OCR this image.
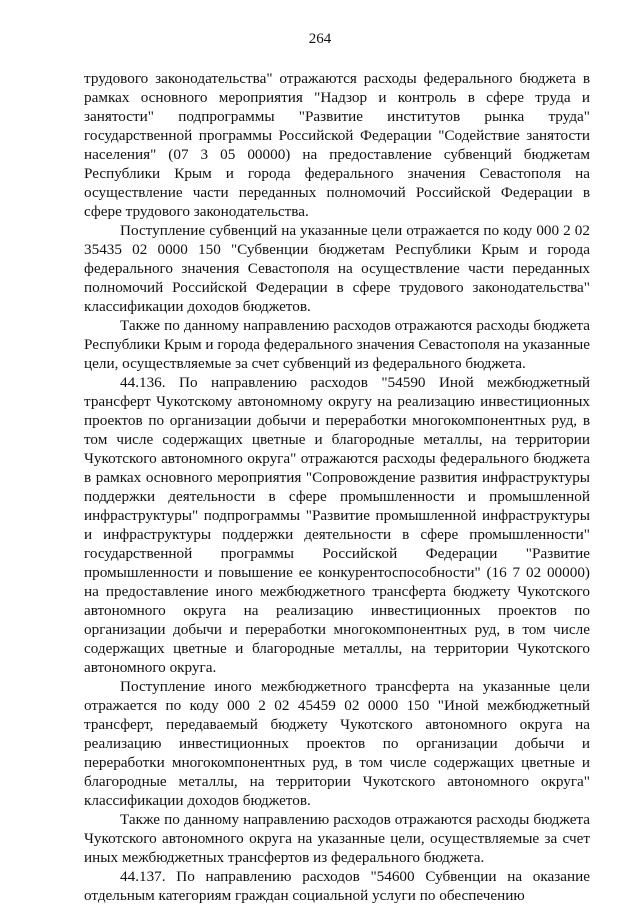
264

трудового законодательства" отражаются расходы федерального бюджета в рамках основного мероприятия "Надзор и контроль в сфере труда и занятости" подпрограммы "Развитие институтов рынка труда" государственной программы Российской Федерации "Содействие занятости населения" (07 3 05 00000) на предоставление субвенций бюджетам Республики Крым и города федерального значения Севастополя на осуществление части переданных полномочий Российской Федерации в сфере трудового законодательства.

Поступление субвенций на указанные цели отражается по коду 000 2 02 35435 02 0000 150 "Субвенции бюджетам Республики Крым и города федерального значения Севастополя на осуществление части переданных полномочий Российской Федерации в сфере трудового законодательства" классификации доходов бюджетов.

Также по данному направлению расходов отражаются расходы бюджета Республики Крым и города федерального значения Севастополя на указанные цели, осуществляемые за счет субвенций из федерального бюджета.

44.136. По направлению расходов "54590 Иной межбюджетный трансферт Чукотскому автономному округу на реализацию инвестиционных проектов по организации добычи и переработки многокомпонентных руд, в том числе содержащих цветные и благородные металлы, на территории Чукотского автономного округа" отражаются расходы федерального бюджета в рамках основного мероприятия "Сопровождение развития инфраструктуры поддержки деятельности в сфере промышленности и промышленной инфраструктуры" подпрограммы "Развитие промышленной инфраструктуры и инфраструктуры поддержки деятельности в сфере промышленности" государственной программы Российской Федерации "Развитие промышленности и повышение ее конкурентоспособности" (16 7 02 00000) на предоставление иного межбюджетного трансферта бюджету Чукотского автономного округа на реализацию инвестиционных проектов по организации добычи и переработки многокомпонентных руд, в том числе содержащих цветные и благородные металлы, на территории Чукотского автономного округа.

Поступление иного межбюджетного трансферта на указанные цели отражается по коду 000 2 02 45459 02 0000 150 "Иной межбюджетный трансферт, передаваемый бюджету Чукотского автономного округа на реализацию инвестиционных проектов по организации добычи и переработки многокомпонентных руд, в том числе содержащих цветные и благородные металлы, на территории Чукотского автономного округа" классификации доходов бюджетов.

Также по данному направлению расходов отражаются расходы бюджета Чукотского автономного округа на указанные цели, осуществляемые за счет иных межбюджетных трансфертов из федерального бюджета.

44.137. По направлению расходов "54600 Субвенции на оказание отдельным категориям граждан социальной услуги по обеспечению
